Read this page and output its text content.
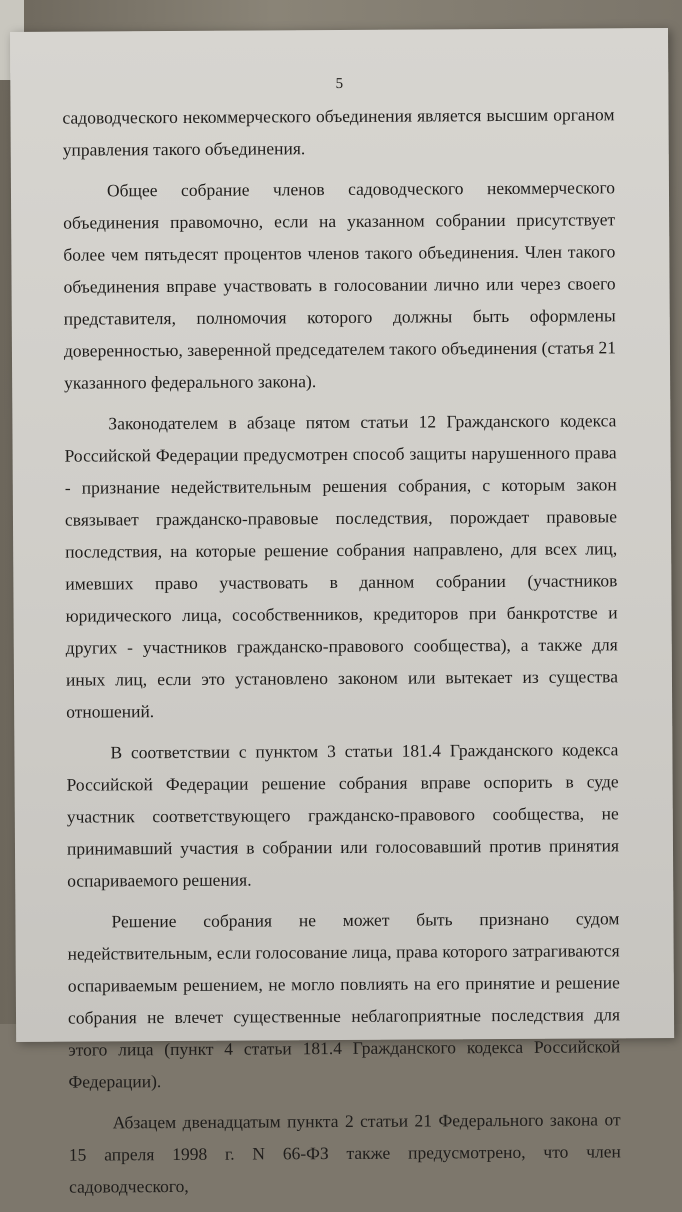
5

садоводческого некоммерческого объединения является высшим органом управления такого объединения.

Общее собрание членов садоводческого некоммерческого объединения правомочно, если на указанном собрании присутствует более чем пятьдесят процентов членов такого объединения. Член такого объединения вправе участвовать в голосовании лично или через своего представителя, полномочия которого должны быть оформлены доверенностью, заверенной председателем такого объединения (статья 21 указанного федерального закона).

Законодателем в абзаце пятом статьи 12 Гражданского кодекса Российской Федерации предусмотрен способ защиты нарушенного права - признание недействительным решения собрания, с которым закон связывает гражданско-правовые последствия, порождает правовые последствия, на которые решение собрания направлено, для всех лиц, имевших право участвовать в данном собрании (участников юридического лица, сособственников, кредиторов при банкротстве и других - участников гражданско-правового сообщества), а также для иных лиц, если это установлено законом или вытекает из существа отношений.

В соответствии с пунктом 3 статьи 181.4 Гражданского кодекса Российской Федерации решение собрания вправе оспорить в суде участник соответствующего гражданско-правового сообщества, не принимавший участия в собрании или голосовавший против принятия оспариваемого решения.

Решение собрания не может быть признано судом недействительным, если голосование лица, права которого затрагиваются оспариваемым решением, не могло повлиять на его принятие и решение собрания не влечет существенные неблагоприятные последствия для этого лица (пункт 4 статьи 181.4 Гражданского кодекса Российской Федерации).

Абзацем двенадцатым пункта 2 статьи 21 Федерального закона от 15 апреля 1998 г. N 66-ФЗ также предусмотрено, что член садоводческого,
